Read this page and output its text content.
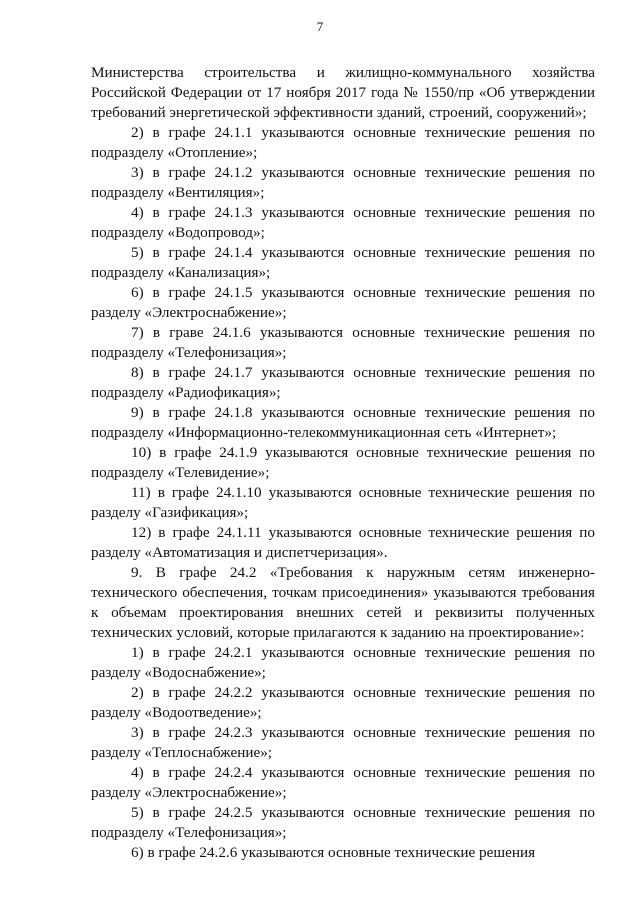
7

Министерства строительства и жилищно-коммунального хозяйства Российской Федерации от 17 ноября 2017 года № 1550/пр «Об утверждении требований энергетической эффективности зданий, строений, сооружений»;

2) в графе 24.1.1 указываются основные технические решения по подразделу «Отопление»;

3) в графе 24.1.2 указываются основные технические решения по подразделу «Вентиляция»;

4) в графе 24.1.3 указываются основные технические решения по подразделу «Водопровод»;

5) в графе 24.1.4 указываются основные технические решения по подразделу «Канализация»;

6) в графе 24.1.5 указываются основные технические решения по разделу «Электроснабжение»;

7) в граве 24.1.6 указываются основные технические решения по подразделу «Телефонизация»;

8) в графе 24.1.7 указываются основные технические решения по подразделу «Радиофикация»;

9) в графе 24.1.8 указываются основные технические решения по подразделу «Информационно-телекоммуникационная сеть «Интернет»;

10) в графе 24.1.9 указываются основные технические решения по подразделу «Телевидение»;

11) в графе 24.1.10 указываются основные технические решения по разделу «Газификация»;

12) в графе 24.1.11 указываются основные технические решения по разделу «Автоматизация и диспетчеризация».

9. В графе 24.2 «Требования к наружным сетям инженерно-технического обеспечения, точкам присоединения» указываются требования к объемам проектирования внешних сетей и реквизиты полученных технических условий, которые прилагаются к заданию на проектирование»:

1) в графе 24.2.1 указываются основные технические решения по разделу «Водоснабжение»;

2) в графе 24.2.2 указываются основные технические решения по разделу «Водоотведение»;

3) в графе 24.2.3 указываются основные технические решения по разделу «Теплоснабжение»;

4) в графе 24.2.4 указываются основные технические решения по разделу «Электроснабжение»;

5) в графе 24.2.5 указываются основные технические решения по подразделу «Телефонизация»;

6) в графе 24.2.6 указываются основные технические решения
